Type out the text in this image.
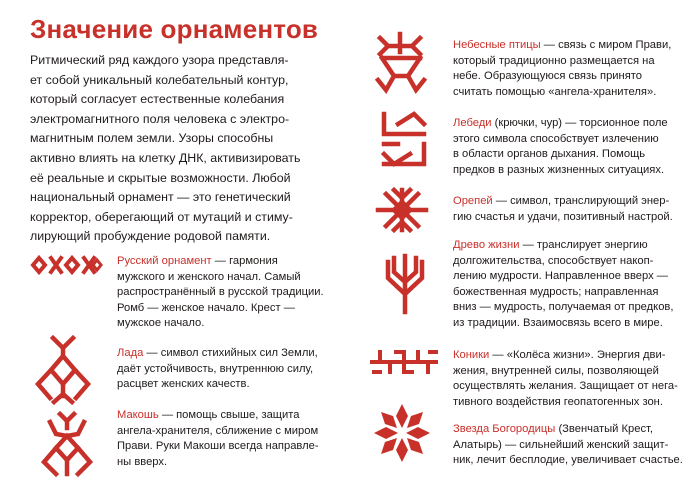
Значение орнаментов
Ритмический ряд каждого узора представля-
ет собой уникальный колебательный контур,
который согласует естественные колебания
электромагнитного поля человека с электро-
магнитным полем земли. Узоры способны
активно влиять на клетку ДНК, активизировать
её реальные и скрытые возможности. Любой
национальный орнамент — это генетический
корректор, оберегающий от мутаций и стиму-
лирующий пробуждение родовой памяти.
Русский орнамент — гармония
мужского и женского начал. Самый
распространённый в русской традиции.
Ромб — женское начало. Крест —
мужское начало.
Лада — символ стихийных сил Земли,
даёт устойчивость, внутреннюю силу,
расцвет женских качеств.
Макошь — помощь свыше, защита
ангела-хранителя, сближение с миром
Прави. Руки Макоши всегда направле-
ны вверх.
Небесные птицы — связь с миром Прави,
который традиционно размещается на
небе. Образующуюся связь принято
считать помощью «ангела-хранителя».
Лебеди (крючки, чур) — торсионное поле
этого символа способствует излечению
в области органов дыхания. Помощь
предков в разных жизненных ситуациях.
Орепей — символ, транслирующий энер-
гию счастья и удачи, позитивный настрой.
Древо жизни — транслирует энергию
долгожительства, способствует накоп-
лению мудрости. Направленное вверх —
божественная мудрость; направленная
вниз — мудрость, получаемая от предков,
из традиции. Взаимосвязь всего в мире.
Коники — «Колёса жизни». Энергия дви-
жения, внутренней силы, позволяющей
осуществлять желания. Защищает от нега-
тивного воздействия геопатогенных зон.
Звезда Богородицы (Звенчатый Крест,
Алатырь) — сильнейший женский защит-
ник, лечит бесплодие, увеличивает счастье.
